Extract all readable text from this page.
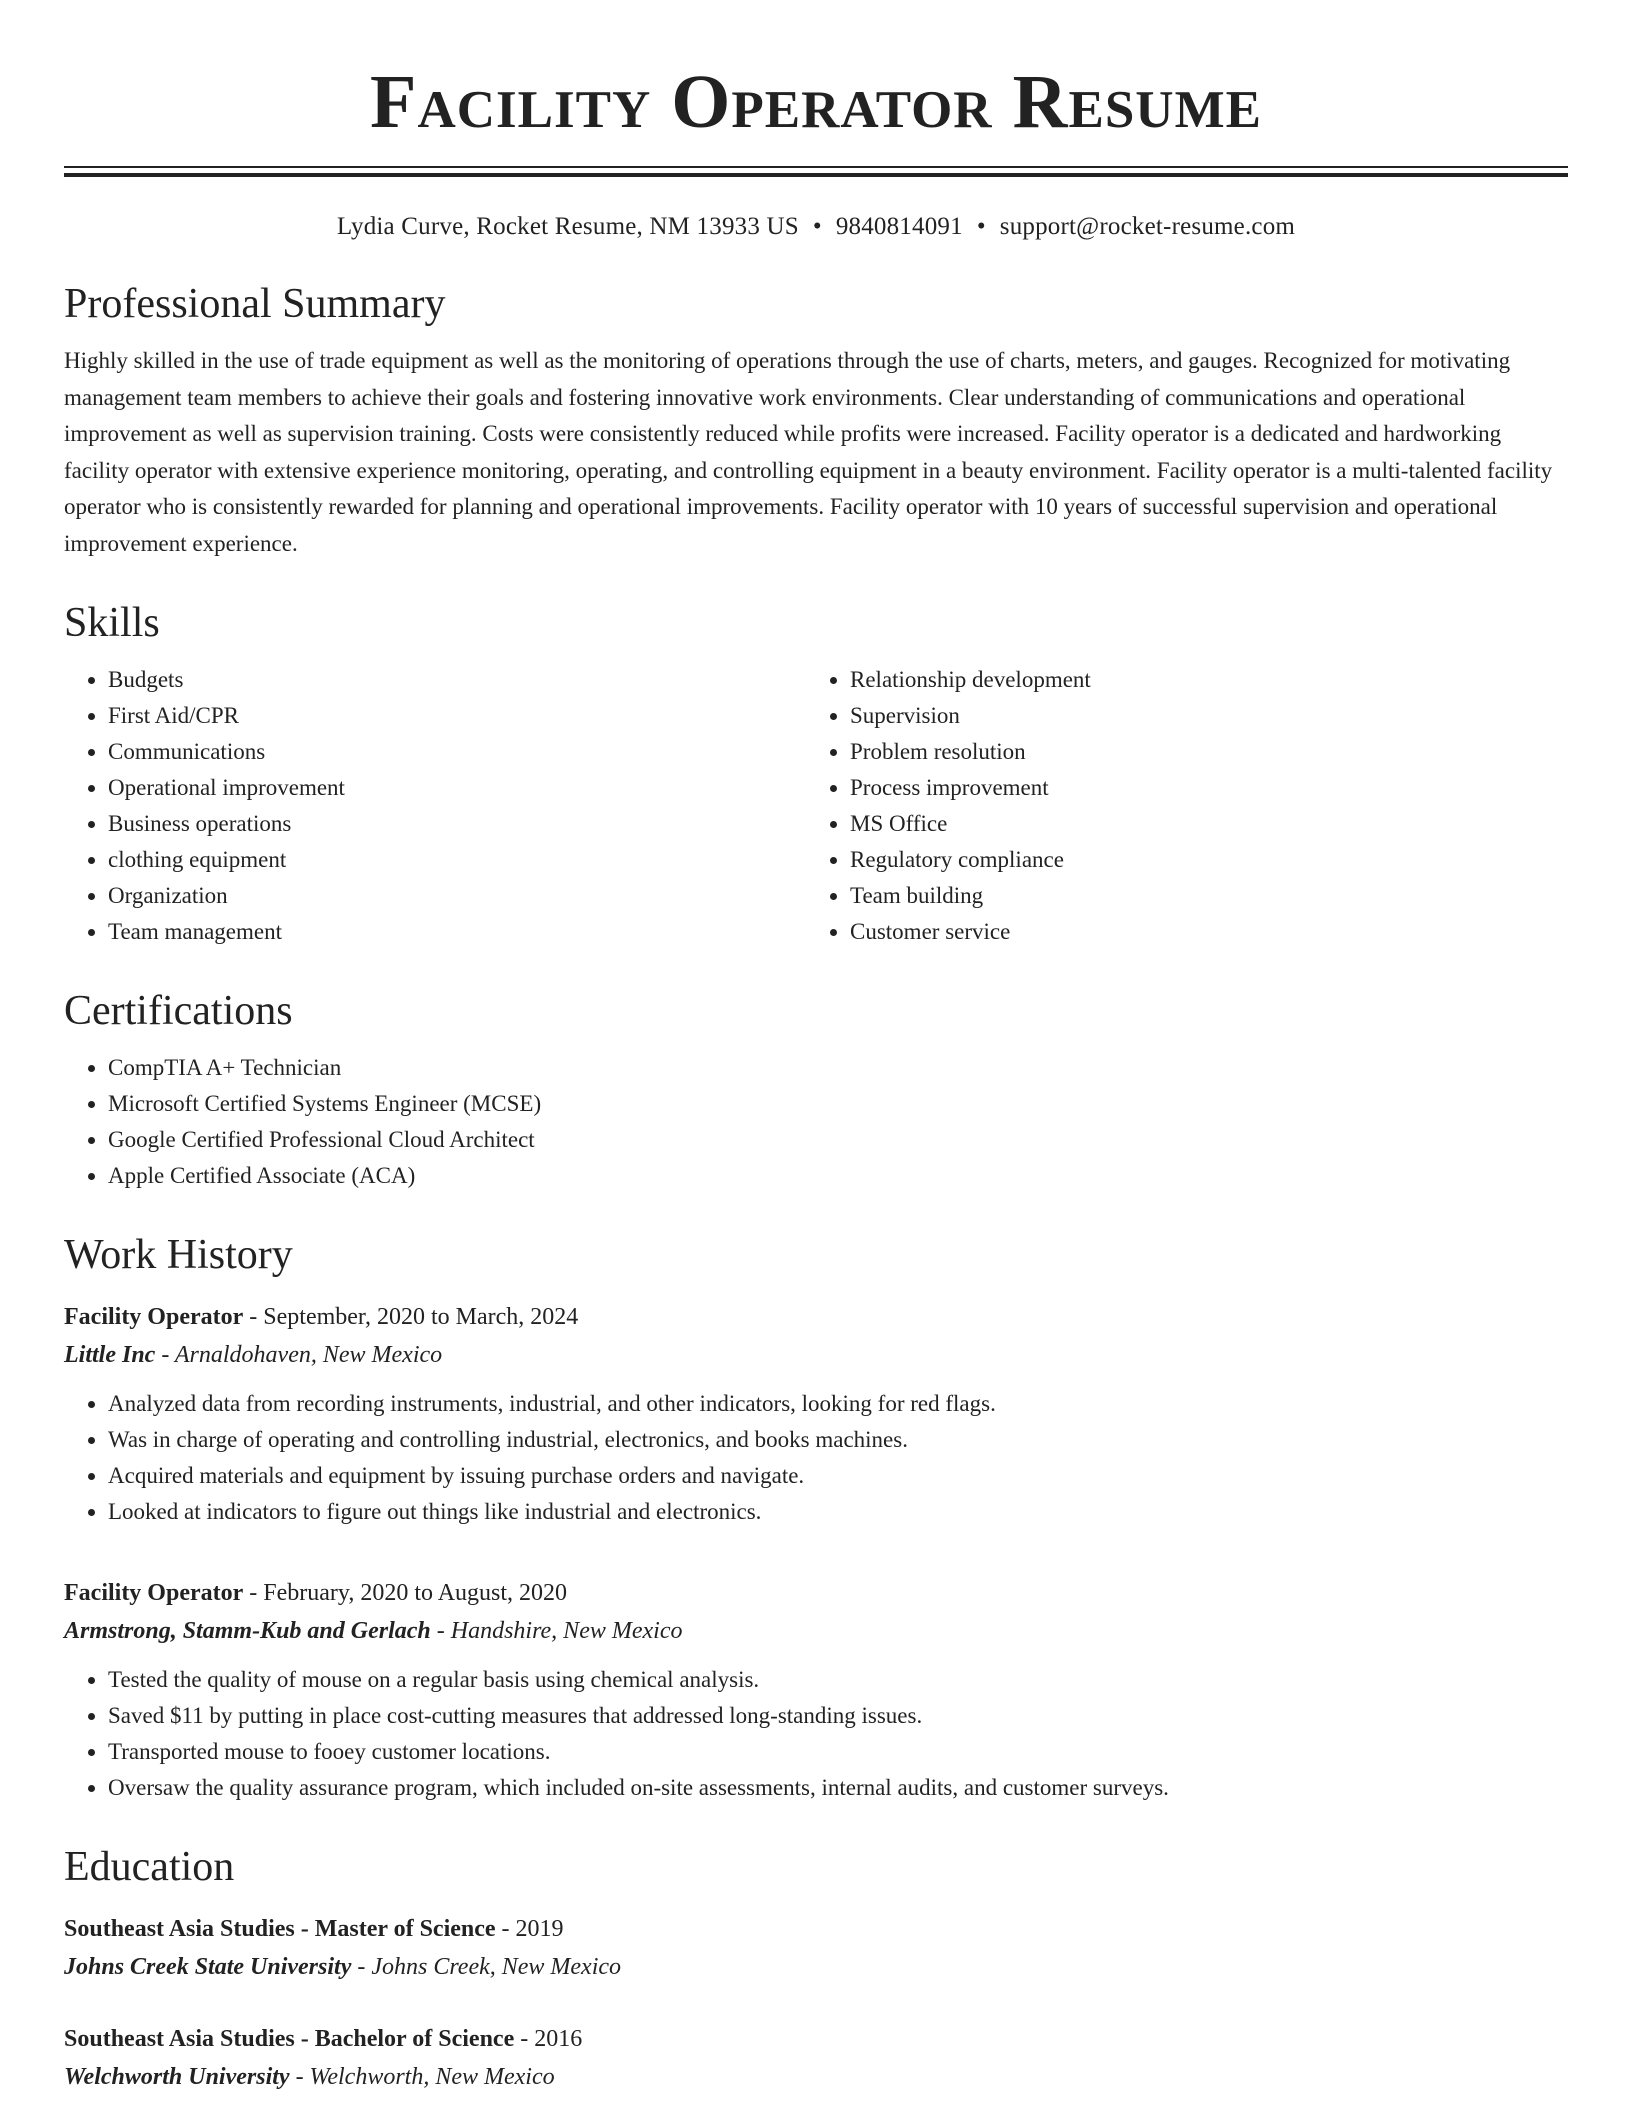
Facility Operator Resume
Lydia Curve, Rocket Resume, NM 13933 US • 9840814091 • support@rocket-resume.com
Professional Summary

Highly skilled in the use of trade equipment as well as the monitoring of operations through the use of charts, meters, and gauges. Recognized for motivating management team members to achieve their goals and fostering innovative work environments. Clear understanding of communications and operational improvement as well as supervision training. Costs were consistently reduced while profits were increased. Facility operator is a dedicated and hardworking facility operator with extensive experience monitoring, operating, and controlling equipment in a beauty environment. Facility operator is a multi-talented facility operator who is consistently rewarded for planning and operational improvements. Facility operator with 10 years of successful supervision and operational improvement experience.

Skills
• Budgets
• First Aid/CPR
• Communications
• Operational improvement
• Business operations
• clothing equipment
• Organization
• Team management
• Relationship development
• Supervision
• Problem resolution
• Process improvement
• MS Office
• Regulatory compliance
• Team building
• Customer service
Certifications
• CompTIA A+ Technician
• Microsoft Certified Systems Engineer (MCSE)
• Google Certified Professional Cloud Architect
• Apple Certified Associate (ACA)
Work History
Facility Operator - September, 2020 to March, 2024
Little Inc - Arnaldohaven, New Mexico
• Analyzed data from recording instruments, industrial, and other indicators, looking for red flags.
• Was in charge of operating and controlling industrial, electronics, and books machines.
• Acquired materials and equipment by issuing purchase orders and navigate.
• Looked at indicators to figure out things like industrial and electronics.
Facility Operator - February, 2020 to August, 2020
Armstrong, Stamm-Kub and Gerlach - Handshire, New Mexico
• Tested the quality of mouse on a regular basis using chemical analysis.
• Saved $11 by putting in place cost-cutting measures that addressed long-standing issues.
• Transported mouse to fooey customer locations.
• Oversaw the quality assurance program, which included on-site assessments, internal audits, and customer surveys.
Education
Southeast Asia Studies - Master of Science - 2019
Johns Creek State University - Johns Creek, New Mexico
Southeast Asia Studies - Bachelor of Science - 2016
Welchworth University - Welchworth, New Mexico
